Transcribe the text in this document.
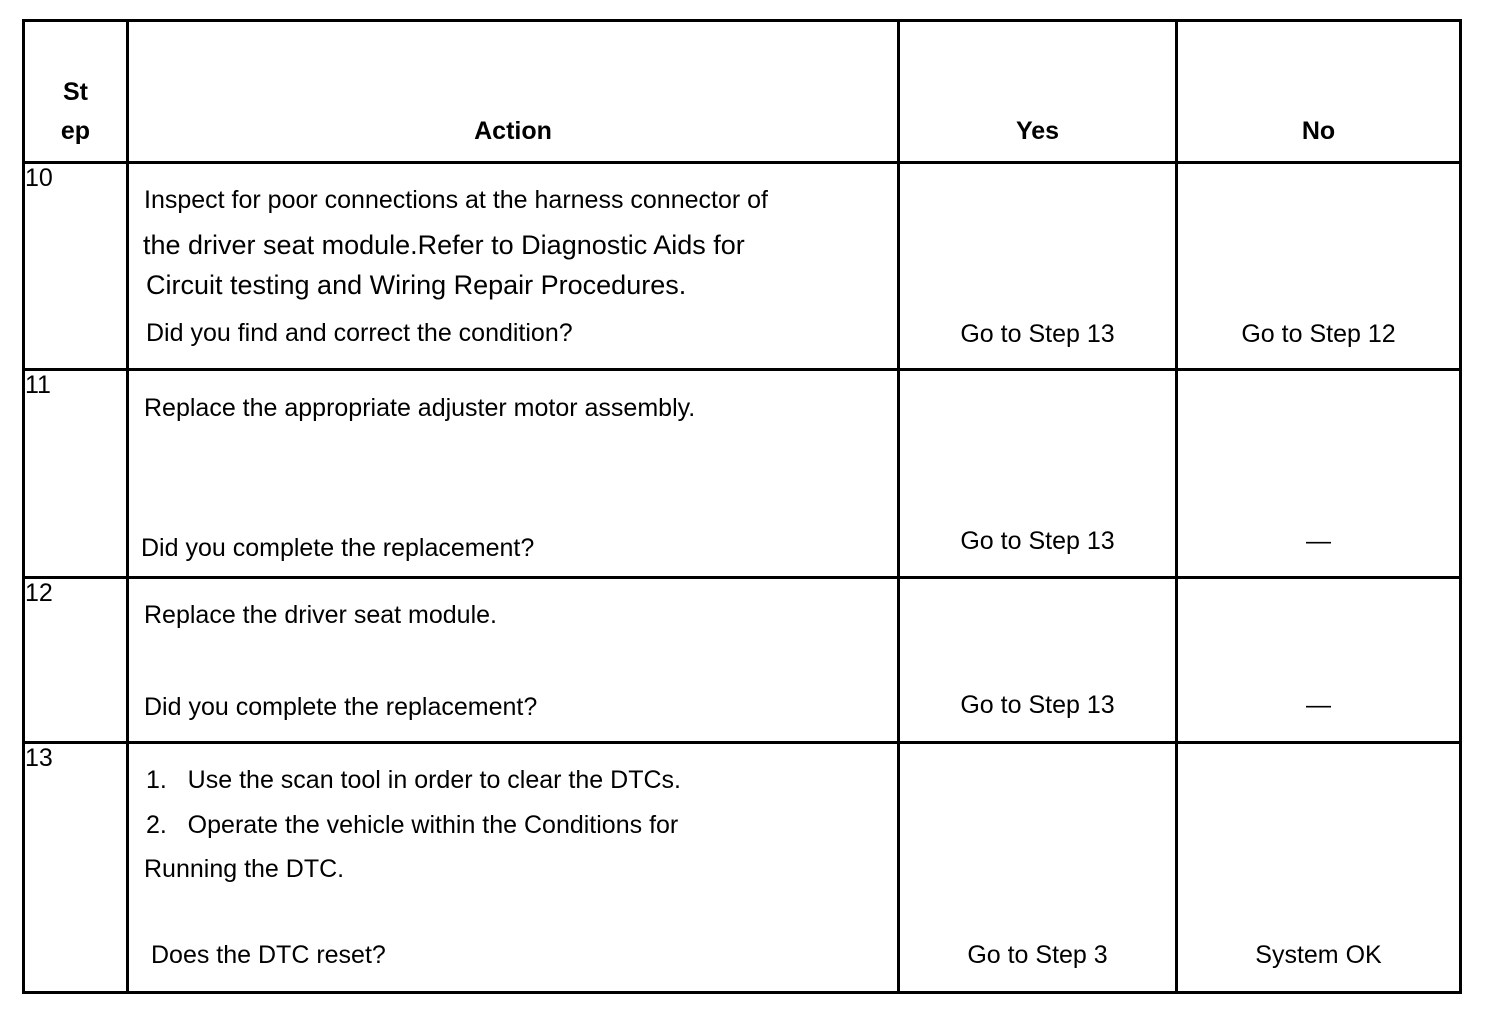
Step	Action	Yes	No
10	Inspect for poor connections at the harness connector of
the driver seat module.Refer to Diagnostic Aids for
Circuit testing and Wiring Repair Procedures.
Did you find and correct the condition?	Go to Step 13	Go to Step 12

11	Replace the appropriate adjuster motor assembly.
Did you complete the replacement?	Go to Step 13	—

12	Replace the driver seat module.
Did you complete the replacement?	Go to Step 13	—

13	1.   Use the scan tool in order to clear the DTCs.
2.   Operate the vehicle within the Conditions for
Running the DTC.
Does the DTC reset?	Go to Step 3	System OK
